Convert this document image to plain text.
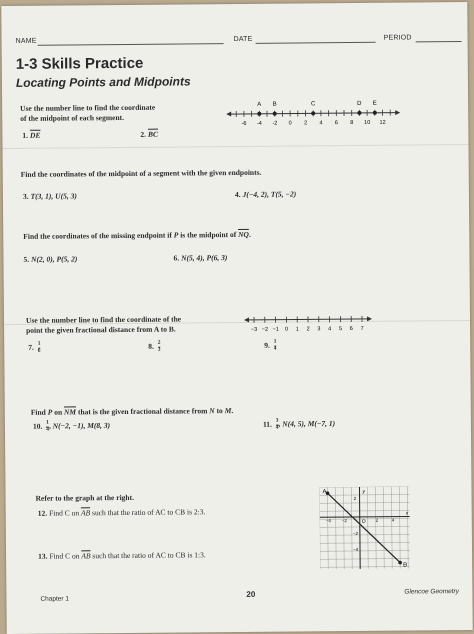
NAME	DATE	PERIOD
1-3 Skills Practice
Locating Points and Midpoints
Use the number line to find the coordinate
of the midpoint of each segment.
1. $\overline{DE}$	2. $\overline{BC}$
-6 -4 -2 0 2 4 6 8 10 12
A B	C	D E
Find the coordinates of the midpoint of a segment with the given endpoints.
3. T(3, 1), U(5, 3)	4. J(−4, 2), T(5, −2)
Find the coordinates of the missing endpoint if P is the midpoint of $\overline{NQ}$.
5. N(2, 0), P(5, 2)	6. N(5, 4), P(6, 3)
Use the number line to find the coordinate of the
point the given fractional distance from A to B.	−3 −2 −1 0 1 2 3 4 5 6 7
7. $\frac{1}{6}$	8. $\frac{2}{3}$	9. $\frac{1}{4}$
Find P on $\overline{NM}$ that is the given fractional distance from N to M.
10. $\frac{1}{4}$ , N(−2, −1), M(8, 3)	11. $\frac{3}{4}$ , N(4, 5), M(−7, 1)
Refer to the graph at the right.
12. Find C on $\overline{AB}$ such that the ratio of AC to CB is 2:3.
13. Find C on $\overline{AB}$ such that the ratio of AC to CB is 1:3.
A
B
x
y
O
2
−4 −2	2	4
−2
−4
Chapter 1
20	Glencoe Geometry
